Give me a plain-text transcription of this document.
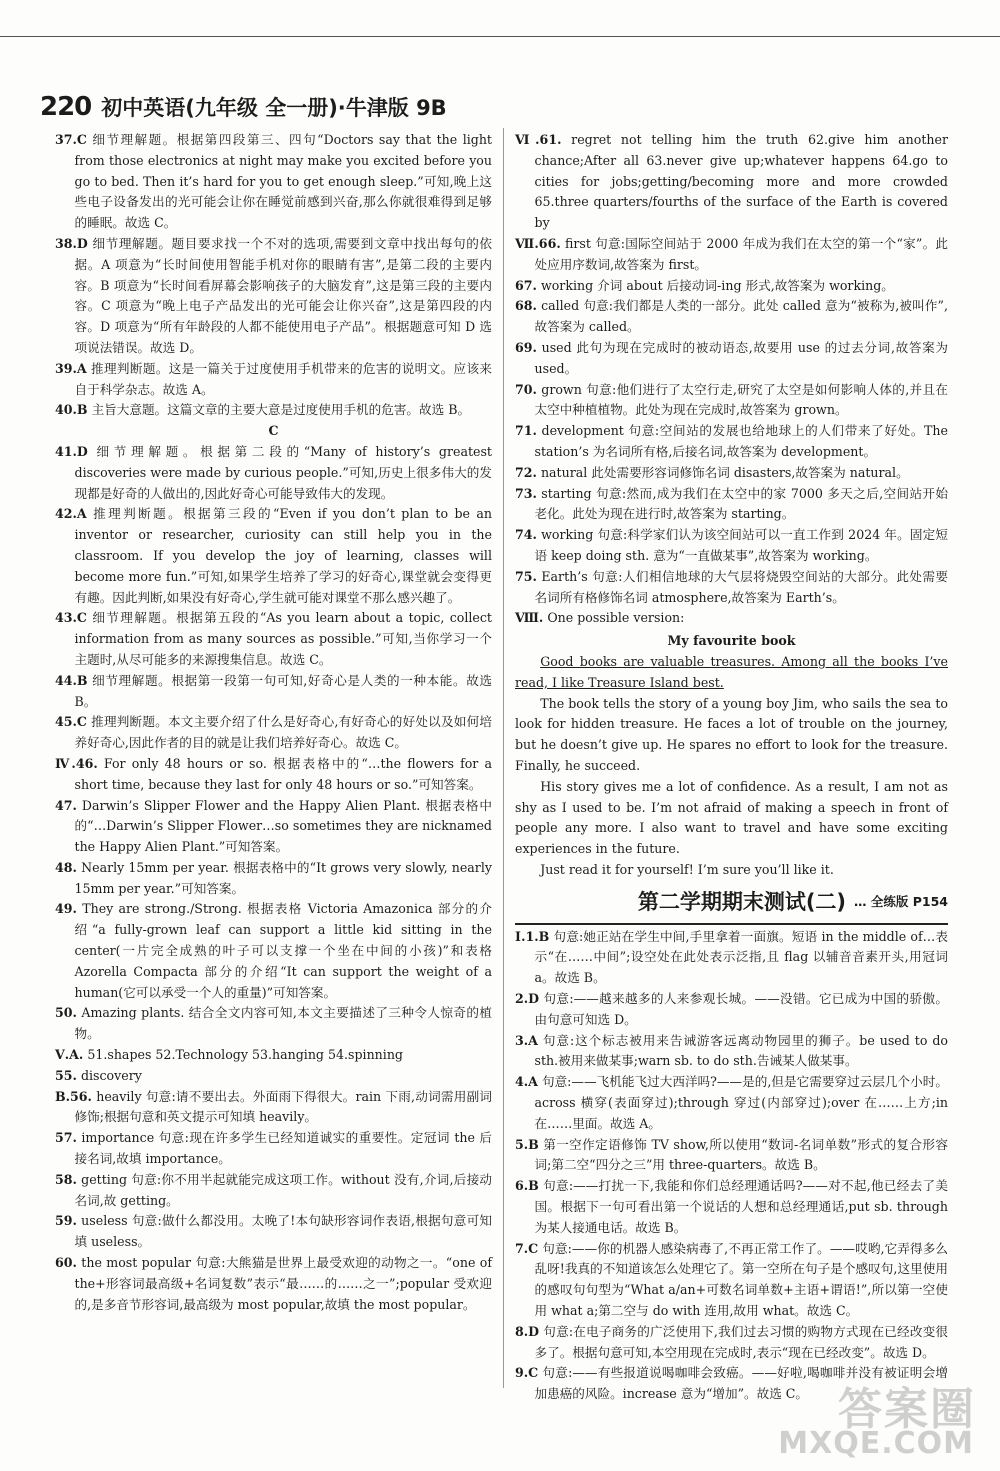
220 初中英语(九年级 全一册)·牛津版 9B

37.C 细节理解题。根据第四段第三、四句“Doctors say that the light from those electronics at night may make you excited before you go to bed. Then it’s hard for you to get enough sleep.”可知,晚上这些电子设备发出的光可能会让你在睡觉前感到兴奋,那么你就很难得到足够的睡眠。故选 C。

38.D 细节理解题。题目要求找一个不对的选项,需要到文章中找出每句的依据。A 项意为“长时间使用智能手机对你的眼睛有害”,是第二段的主要内容。B 项意为“长时间看屏幕会影响孩子的大脑发育”,这是第三段的主要内容。C 项意为“晚上电子产品发出的光可能会让你兴奋”,这是第四段的内容。D 项意为“所有年龄段的人都不能使用电子产品”。根据题意可知 D 选项说法错误。故选 D。

39.A 推理判断题。这是一篇关于过度使用手机带来的危害的说明文。应该来自于科学杂志。故选 A。

40.B 主旨大意题。这篇文章的主要大意是过度使用手机的危害。故选 B。

C

41.D 细节理解题。根据第二段的“Many of history’s greatest discoveries were made by curious people.”可知,历史上很多伟大的发现都是好奇的人做出的,因此好奇心可能导致伟大的发现。

42.A 推理判断题。根据第三段的“Even if you don’t plan to be an inventor or researcher, curiosity can still help you in the classroom. If you develop the joy of learning, classes will become more fun.”可知,如果学生培养了学习的好奇心,课堂就会变得更有趣。因此判断,如果没有好奇心,学生就可能对课堂不那么感兴趣了。

43.C 细节理解题。根据第五段的“As you learn about a topic, collect information from as many sources as possible.”可知,当你学习一个主题时,从尽可能多的来源搜集信息。故选 C。

44.B 细节理解题。根据第一段第一句可知,好奇心是人类的一种本能。故选 B。

45.C 推理判断题。本文主要介绍了什么是好奇心,有好奇心的好处以及如何培养好奇心,因此作者的目的就是让我们培养好奇心。故选 C。

Ⅳ.46. For only 48 hours or so. 根据表格中的“…the flowers for a short time, because they last for only 48 hours or so.”可知答案。

47. Darwin’s Slipper Flower and the Happy Alien Plant. 根据表格中的“…Darwin’s Slipper Flower…so sometimes they are nicknamed the Happy Alien Plant.”可知答案。

48. Nearly 15mm per year. 根据表格中的“It grows very slowly, nearly 15mm per year.”可知答案。

49. They are strong./Strong. 根据表格 Victoria Amazonica 部分的介绍“a fully-grown leaf can support a little kid sitting in the center(一片完全成熟的叶子可以支撑一个坐在中间的小孩)”和表格 Azorella Compacta 部分的介绍“It can support the weight of a human(它可以承受一个人的重量)”可知答案。

50. Amazing plants. 结合全文内容可知,本文主要描述了三种令人惊奇的植物。

Ⅴ.A. 51.shapes 52.Technology 53.hanging 54.spinning

55. discovery

B.56. heavily 句意:请不要出去。外面雨下得很大。rain 下雨,动词需用副词修饰;根据句意和英文提示可知填 heavily。

57. importance 句意:现在许多学生已经知道诚实的重要性。定冠词 the 后接名词,故填 importance。

58. getting 句意:你不用半起就能完成这项工作。without 没有,介词,后接动名词,故 getting。

59. useless 句意:做什么都没用。太晚了!本句缺形容词作表语,根据句意可知填 useless。

60. the most popular 句意:大熊猫是世界上最受欢迎的动物之一。“one of the+形容词最高级+名词复数”表示“最……的……之一”;popular 受欢迎的,是多音节形容词,最高级为 most popular,故填 the most popular。

Ⅵ.61. regret not telling him the truth 62.give him another chance;After all 63.never give up;whatever happens 64.go to cities for jobs;getting/becoming more and more crowded 65.three quarters/fourths of the surface of the Earth is covered by

Ⅶ.66. first 句意:国际空间站于 2000 年成为我们在太空的第一个“家”。此处应用序数词,故答案为 first。

67. working 介词 about 后接动词-ing 形式,故答案为 working。

68. called 句意:我们都是人类的一部分。此处 called 意为“被称为,被叫作”,故答案为 called。

69. used 此句为现在完成时的被动语态,故要用 use 的过去分词,故答案为 used。

70. grown 句意:他们进行了太空行走,研究了太空是如何影响人体的,并且在太空中种植植物。此处为现在完成时,故答案为 grown。

71. development 句意:空间站的发展也给地球上的人们带来了好处。The station’s 为名词所有格,后接名词,故答案为 development。

72. natural 此处需要形容词修饰名词 disasters,故答案为 natural。

73. starting 句意:然而,成为我们在太空中的家 7000 多天之后,空间站开始老化。此处为现在进行时,故答案为 starting。

74. working 句意:科学家们认为该空间站可以一直工作到 2024 年。固定短语 keep doing sth. 意为“一直做某事”,故答案为 working。

75. Earth’s 句意:人们相信地球的大气层将烧毁空间站的大部分。此处需要名词所有格修饰名词 atmosphere,故答案为 Earth’s。

Ⅷ. One possible version:

My favourite book

Good books are valuable treasures. Among all the books I’ve read, I like Treasure Island best.

The book tells the story of a young boy Jim, who sails the sea to look for hidden treasure. He faces a lot of trouble on the journey, but he doesn’t give up. He spares no effort to look for the treasure. Finally, he succeed.

His story gives me a lot of confidence. As a result, I am not as shy as I used to be. I’m not afraid of making a speech in front of people any more. I also want to travel and have some exciting experiences in the future.

Just read it for yourself! I’m sure you’ll like it.

第二学期期末测试(二) … 全练版 P154

Ⅰ.1.B 句意:她正站在学生中间,手里拿着一面旗。短语 in the middle of…表示“在……中间”;设空处在此处表示泛指,且 flag 以辅音音素开头,用冠词 a。故选 B。

2.D 句意:——越来越多的人来参观长城。——没错。它已成为中国的骄傲。由句意可知选 D。

3.A 句意:这个标志被用来告诫游客远离动物园里的狮子。be used to do sth.被用来做某事;warn sb. to do sth.告诫某人做某事。

4.A 句意:——飞机能飞过大西洋吗?——是的,但是它需要穿过云层几个小时。across 横穿(表面穿过);through 穿过(内部穿过);over 在……上方;in 在……里面。故选 A。

5.B 第一空作定语修饰 TV show,所以使用“数词-名词单数”形式的复合形容词;第二空“四分之三”用 three-quarters。故选 B。

6.B 句意:——打扰一下,我能和你们总经理通话吗?——对不起,他已经去了美国。根据下一句可看出第一个说话的人想和总经理通话,put sb. through 为某人接通电话。故选 B。

7.C 句意:——你的机器人感染病毒了,不再正常工作了。——哎哟,它弄得多么乱呀!我真的不知道该怎么处理它了。第一空所在句子是个感叹句,这里使用的感叹句句型为“What a/an+可数名词单数+主语+谓语!”,所以第一空使用 what a;第二空与 do with 连用,故用 what。故选 C。

8.D 句意:在电子商务的广泛使用下,我们过去习惯的购物方式现在已经改变很多了。根据句意可知,本空用现在完成时,表示“现在已经改变”。故选 D。

9.C 句意:——有些报道说喝咖啡会致癌。——好啦,喝咖啡并没有被证明会增加患癌的风险。increase 意为“增加”。故选 C。 答案圈
MXQE.COM
